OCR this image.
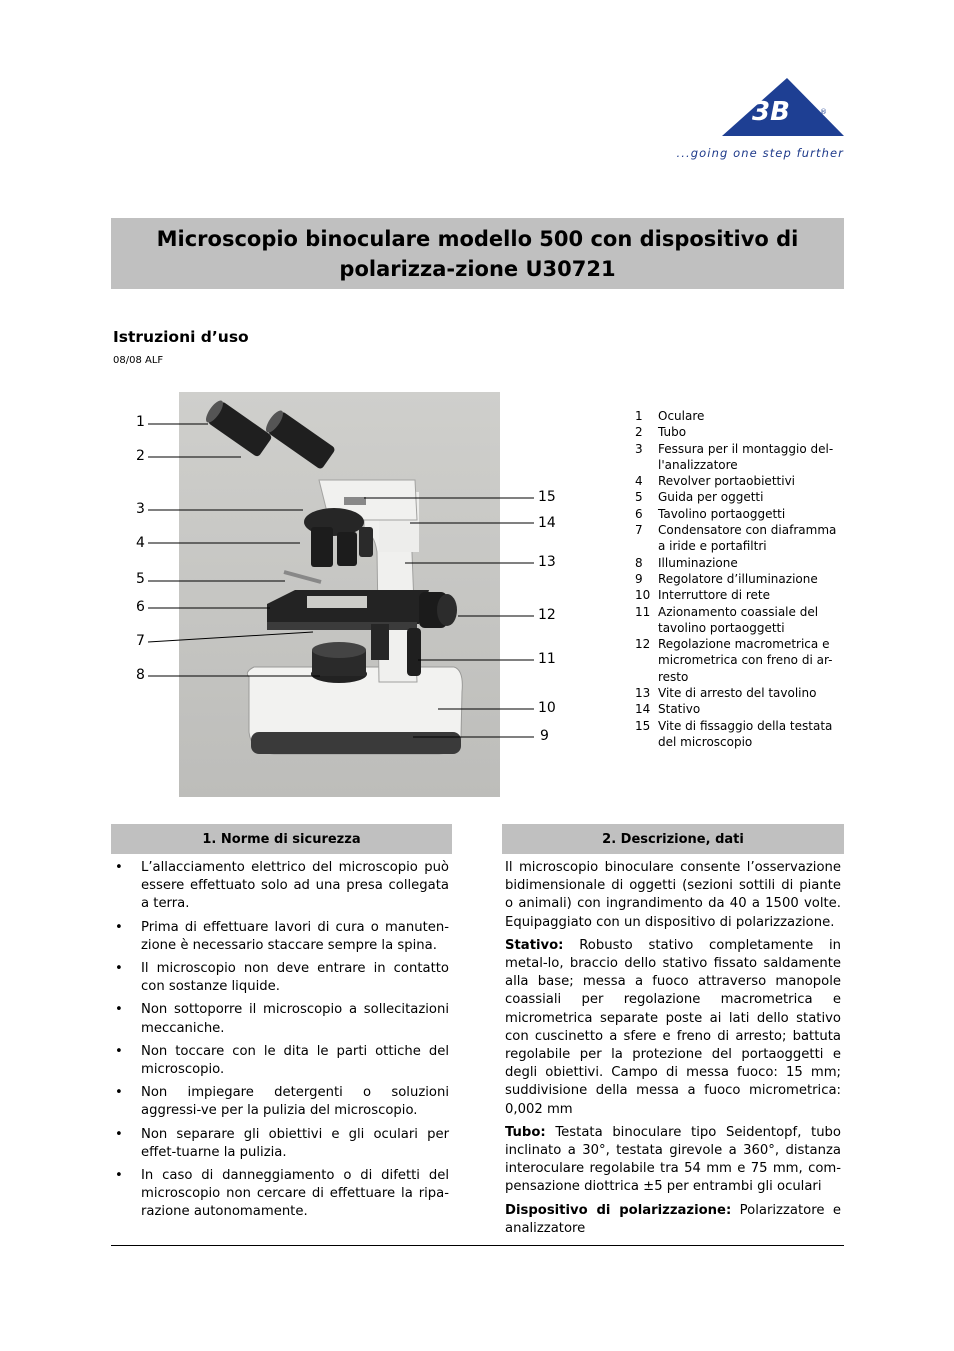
3B	®
...going one step further
Microscopio binoculare modello 500 con dispositivo di polarizza-zione U30721
Istruzioni d’uso
08/08 ALF
1
2
3
4
5
6
7
8
15
14
13
12
11
10
9
1	Oculare
2	Tubo
3	Fessura per il montaggio del-l'analizzatore
4	Revolver portaobiettivi
5	Guida per oggetti
6	Tavolino portaoggetti
7	Condensatore con diaframma a iride e portafiltri
8	Illuminazione
9	Regolatore d’illuminazione
10 Interruttore di rete
11 Azionamento coassiale del tavolino portaoggetti
12 Regolazione macrometrica e micrometrica con freno di ar-resto
13 Vite di arresto del tavolino
14 Stativo
15 Vite di fissaggio della testata del microscopio
1. Norme di sicurezza
• L’allacciamento elettrico del microscopio può essere effettuato solo ad una presa collegata a terra.
• Prima di effettuare lavori di cura o manuten-zione è necessario staccare sempre la spina.
• Il microscopio non deve entrare in contatto con sostanze liquide.
• Non sottoporre il microscopio a sollecitazioni meccaniche.
• Non toccare con le dita le parti ottiche del microscopio.
• Non impiegare detergenti o soluzioni aggressi-ve per la pulizia del microscopio.
• Non separare gli obiettivi e gli oculari per effet-tuarne la pulizia.
• In caso di danneggiamento o di difetti del microscopio non cercare di effettuare la ripa-razione autonomamente.
2. Descrizione, dati

Il microscopio binoculare consente l’osservazione bidimensionale di oggetti (sezioni sottili di piante o animali) con ingrandimento da 40 a 1500 volte. Equipaggiato con un dispositivo di polarizzazione.

Stativo: Robusto stativo completamente in metal-lo, braccio dello stativo fissato saldamente alla base; messa a fuoco attraverso manopole coassiali per regolazione macrometrica e micrometrica separate poste ai lati dello stativo con cuscinetto a sfere e freno di arresto; battuta regolabile per la protezione del portaoggetti e degli obiettivi. Campo di messa fuoco: 15 mm; suddivisione della messa a fuoco micrometrica: 0,002 mm

Tubo: Testata binoculare tipo Seidentopf, tubo inclinato a 30°, testata girevole a 360°, distanza interoculare regolabile tra 54 mm e 75 mm, com-pensazione diottrica ±5 per entrambi gli oculari

Dispositivo di polarizzazione: Polarizzatore e analizzatore
